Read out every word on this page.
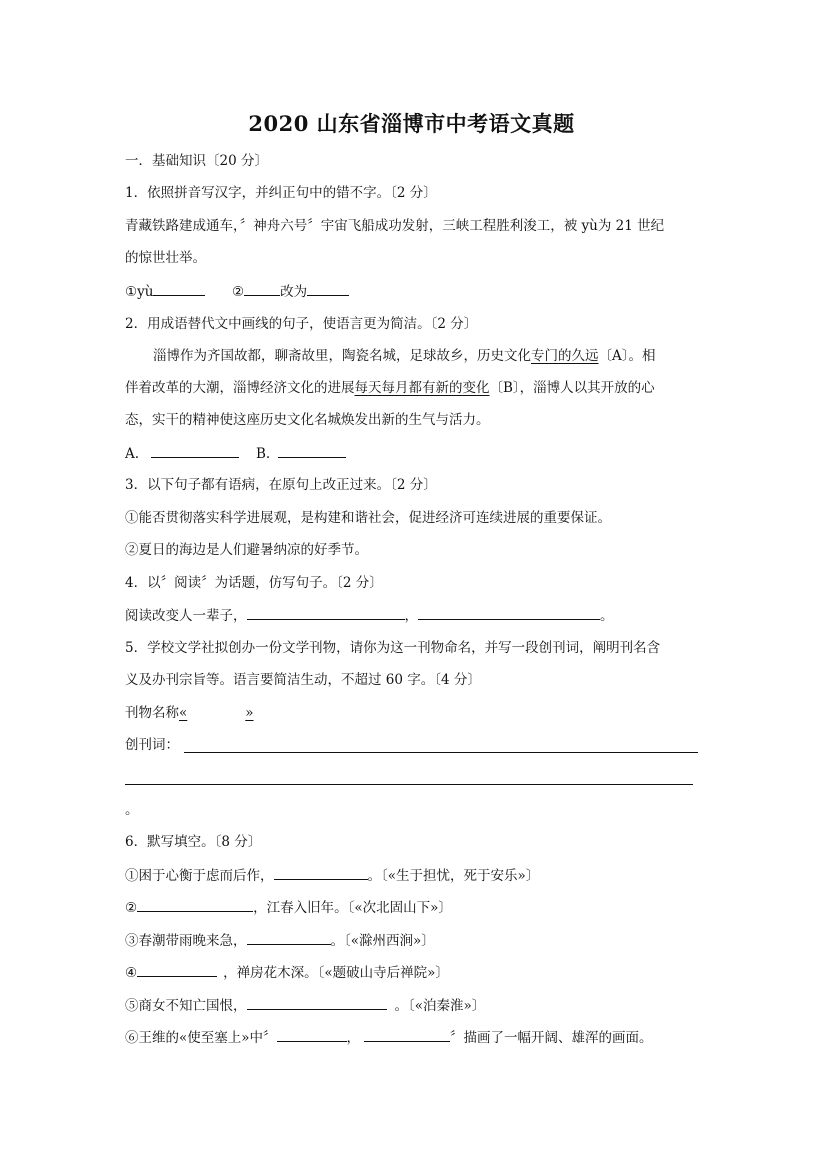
2020 山东省淄博市中考语文真题
一．基础知识〔20 分〕
1．依照拼音写汉字，并纠正句中的错不字。〔2 分〕
青藏铁路建成通车，〞神舟六号〞宇宙飞船成功发射，三峡工程胜利浚工，被 yù为 21 世纪
的惊世壮举。
①yù	②	改为
2．用成语替代文中画线的句子，使语言更为简洁。〔2 分〕
淄博作为齐国故都，聊斋故里，陶瓷名城，足球故乡，历史文化专门的久远〔A〕。相
伴着改革的大潮，淄博经济文化的进展每天每月都有新的变化〔B〕，淄博人以其开放的心
态，实干的精神使这座历史文化名城焕发出新的生气与活力。
A.	B.
3．以下句子都有语病，在原句上改正过来。〔2 分〕
①能否贯彻落实科学进展观，是构建和谐社会，促进经济可连续进展的重要保证。
②夏日的海边是人们避暑纳凉的好季节。
4．以〞阅读〞为话题，仿写句子。〔2 分〕
阅读改变人一辈子，	，	。
5．学校文学社拟创办一份文学刊物，请你为这一刊物命名，并写一段创刊词，阐明刊名含
义及办刊宗旨等。语言要简洁生动，不超过 60 字。〔4 分〕
刊物名称«	»
创刊词：
。
6．默写填空。〔8 分〕
①困于心衡于虑而后作，	。〔«生于担忧，死于安乐»〕
②	，江春入旧年。〔«次北固山下»〕
③春潮带雨晚来急，	。〔«滁州西涧»〕
④	，禅房花木深。〔«题破山寺后禅院»〕
⑤商女不知亡国恨，	。〔«泊秦淮»〕
⑥王维的«使至塞上»中〞	，	〞描画了一幅开阔、雄浑的画面。
